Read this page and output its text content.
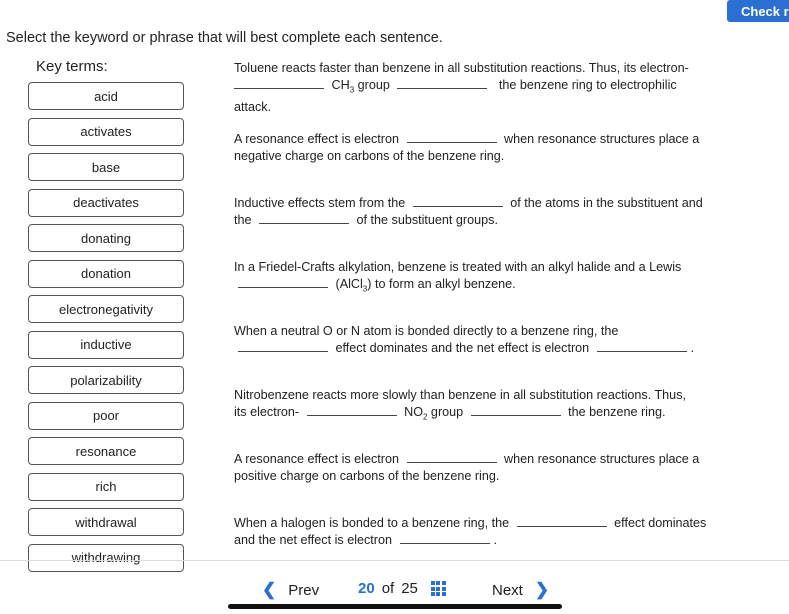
Check r
Select the keyword or phrase that will best complete each sentence.
Key terms:
acid
activates
base
deactivates
donating
donation
electronegativity
inductive
polarizability
poor
resonance
rich
withdrawal
withdrawing
Toluene reacts faster than benzene in all substitution reactions. Thus, its electron-
$CH_3$ group	the benzene ring to electrophilic
attack.
A resonance effect is electron	when resonance structures place a
negative charge on carbons of the benzene ring.
Inductive effects stem from the	of the atoms in the substituent and
the	of the substituent groups.
In a Friedel-Crafts alkylation, benzene is treated with an alkyl halide and a Lewis
(AlCl$_3$) to form an alkyl benzene.
When a neutral O or N atom is bonded directly to a benzene ring, the
effect dominates and the net effect is electron	.
Nitrobenzene reacts more slowly than benzene in all substitution reactions. Thus,
its electron-	$NO_2$ group	the benzene ring.
A resonance effect is electron	when resonance structures place a
positive charge on carbons of the benzene ring.
When a halogen is bonded to a benzene ring, the	effect dominates
and the net effect is electron	.
❮ Prev	20 of 25	Next ❯
